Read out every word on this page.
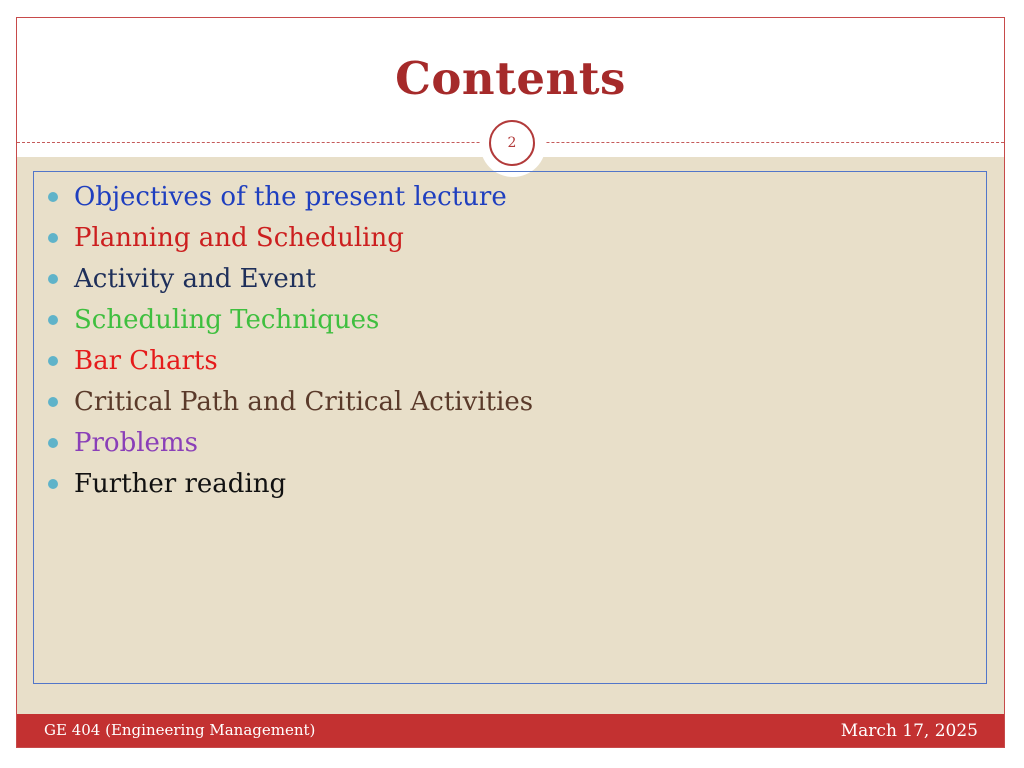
Contents
2
Objectives of the present lecture
Planning and Scheduling
Activity and Event
Scheduling Techniques
Bar Charts
Critical Path and Critical Activities
Problems
Further reading
GE 404 (Engineering Management)	March 17, 2025
